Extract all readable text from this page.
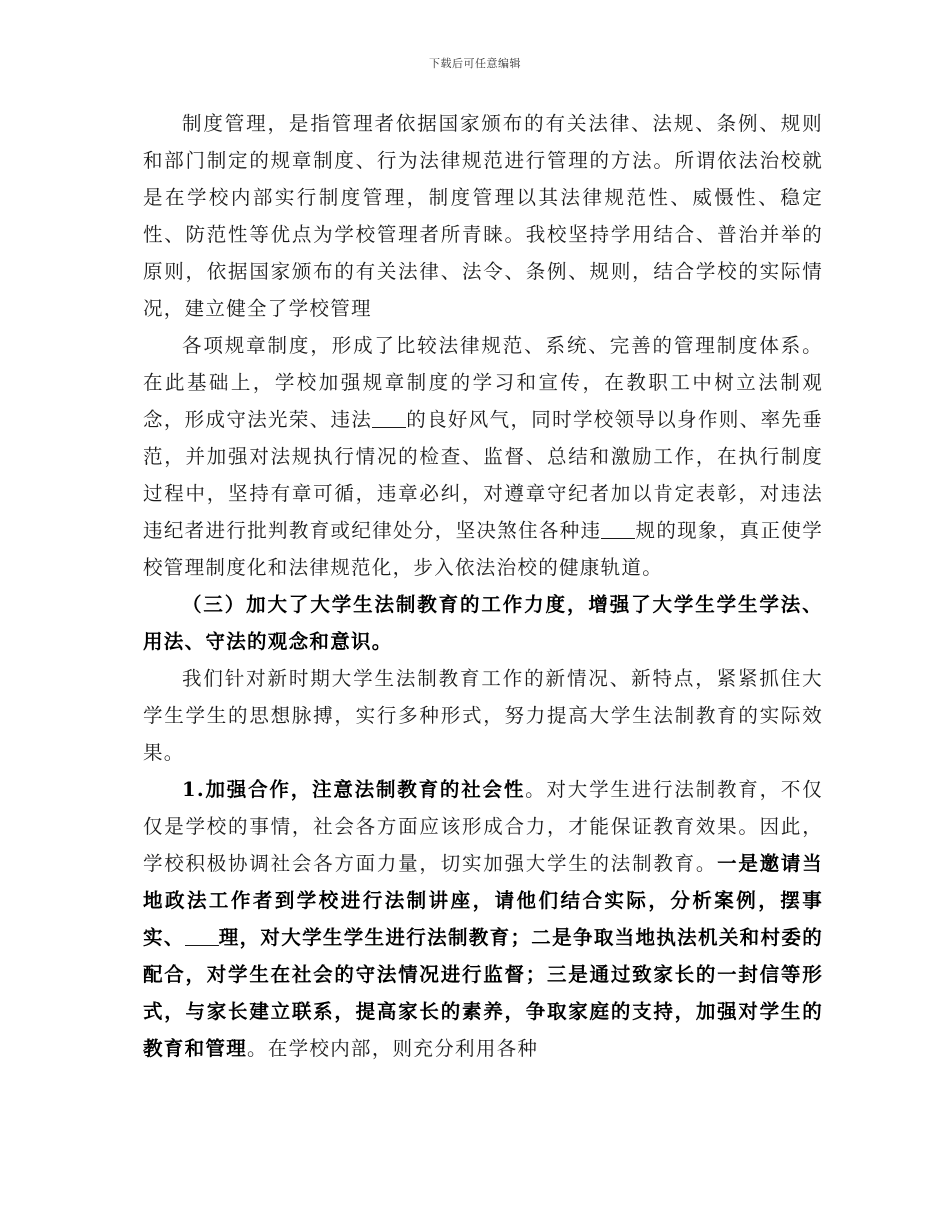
下载后可任意编辑

制度管理，是指管理者依据国家颁布的有关法律、法规、条例、规则和部门制定的规章制度、行为法律规范进行管理的方法。所谓依法治校就是在学校内部实行制度管理，制度管理以其法律规范性、威慑性、稳定性、防范性等优点为学校管理者所青睐。我校坚持学用结合、普治并举的原则，依据国家颁布的有关法律、法令、条例、规则，结合学校的实际情况，建立健全了学校管理

各项规章制度，形成了比较法律规范、系统、完善的管理制度体系。在此基础上，学校加强规章制度的学习和宣传，在教职工中树立法制观念，形成守法光荣、违法 的良好风气，同时学校领导以身作则、率先垂范，并加强对法规执行情况的检查、监督、总结和激励工作，在执行制度过程中，坚持有章可循，违章必纠，对遵章守纪者加以肯定表彰，对违法违纪者进行批判教育或纪律处分，坚决煞住各种违 规的现象，真正使学校管理制度化和法律规范化，步入依法治校的健康轨道。

（三）加大了大学生法制教育的工作力度，增强了大学生学生学法、用法、守法的观念和意识。

我们针对新时期大学生法制教育工作的新情况、新特点，紧紧抓住大学生学生的思想脉搏，实行多种形式，努力提高大学生法制教育的实际效果。

1.加强合作，注意法制教育的社会性。对大学生进行法制教育，不仅仅是学校的事情，社会各方面应该形成合力，才能保证教育效果。因此，学校积极协调社会各方面力量，切实加强大学生的法制教育。一是邀请当地政法工作者到学校进行法制讲座，请他们结合实际，分析案例，摆事实、 理，对大学生学生进行法制教育；二是争取当地执法机关和村委的配合，对学生在社会的守法情况进行监督；三是通过致家长的一封信等形式，与家长建立联系，提高家长的素养，争取家庭的支持，加强对学生的教育和管理。在学校内部，则充分利用各种
